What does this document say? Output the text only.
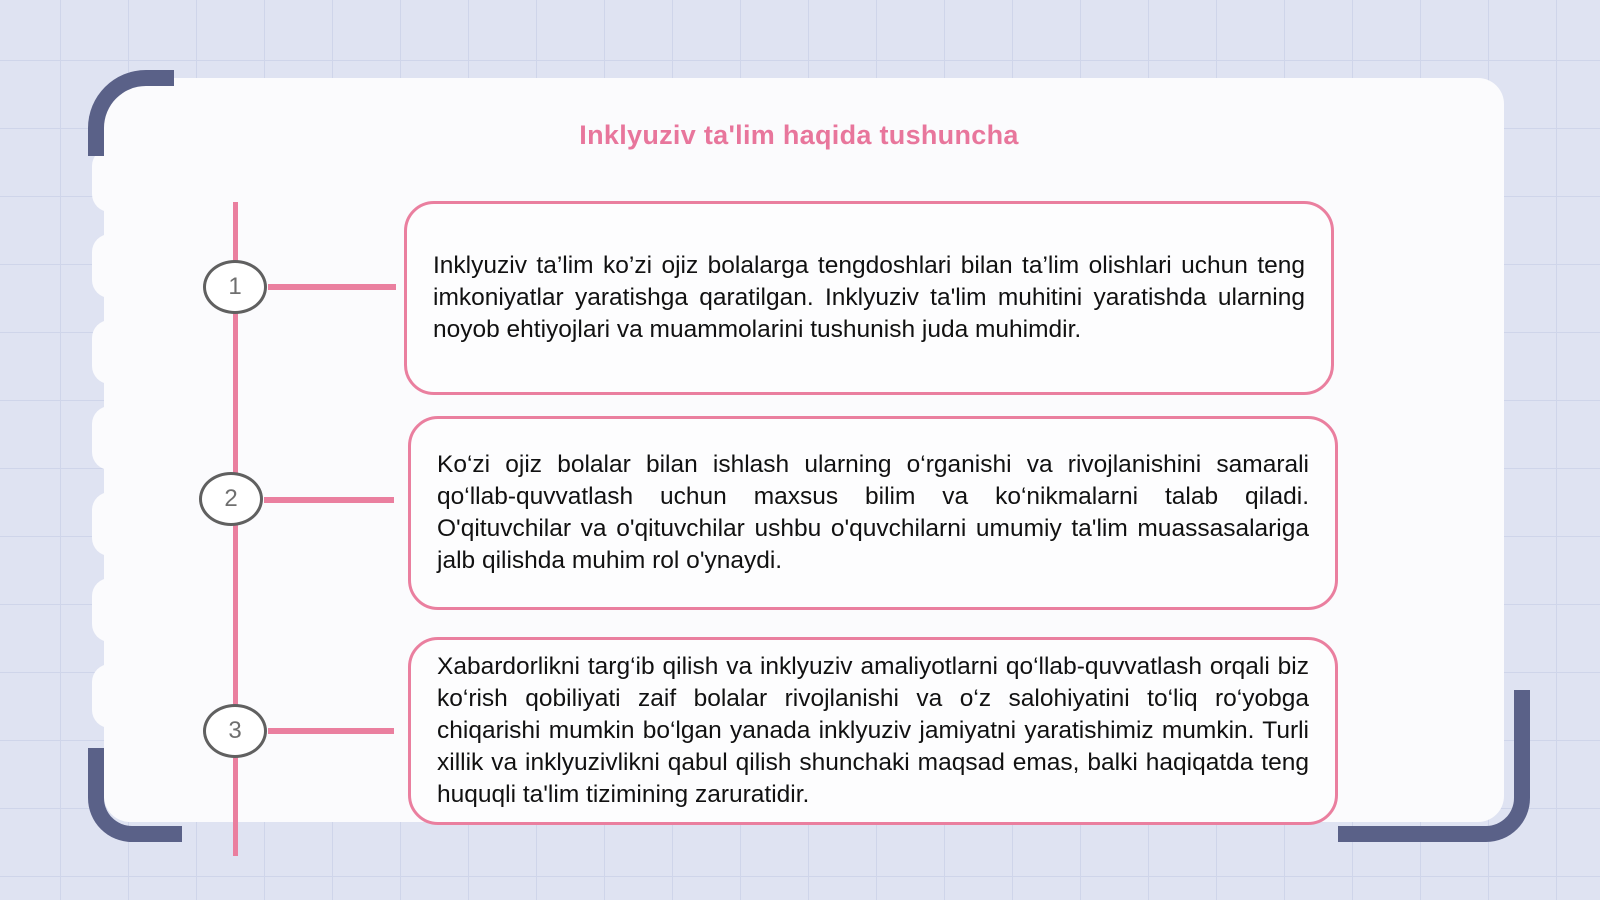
Inklyuziv ta'lim haqida tushuncha
1

Inklyuziv ta’lim ko’zi ojiz bolalarga tengdoshlari bilan ta’lim olishlari uchun teng imkoniyatlar yaratishga qaratilgan. Inklyuziv ta'lim muhitini yaratishda ularning noyob ehtiyojlari va muammolarini tushunish juda muhimdir.

2

Ko‘zi ojiz bolalar bilan ishlash ularning o‘rganishi va rivojlanishini samarali qo‘llab-quvvatlash uchun maxsus bilim va ko‘nikmalarni talab qiladi. O'qituvchilar va o'qituvchilar ushbu o'quvchilarni umumiy ta'lim muassasalariga jalb qilishda muhim rol o'ynaydi.

3

Xabardorlikni targ‘ib qilish va inklyuziv amaliyotlarni qo‘llab-quvvatlash orqali biz ko‘rish qobiliyati zaif bolalar rivojlanishi va o‘z salohiyatini to‘liq ro‘yobga chiqarishi mumkin bo‘lgan yanada inklyuziv jamiyatni yaratishimiz mumkin. Turli xillik va inklyuzivlikni qabul qilish shunchaki maqsad emas, balki haqiqatda teng huquqli ta'lim tizimining zaruratidir.
